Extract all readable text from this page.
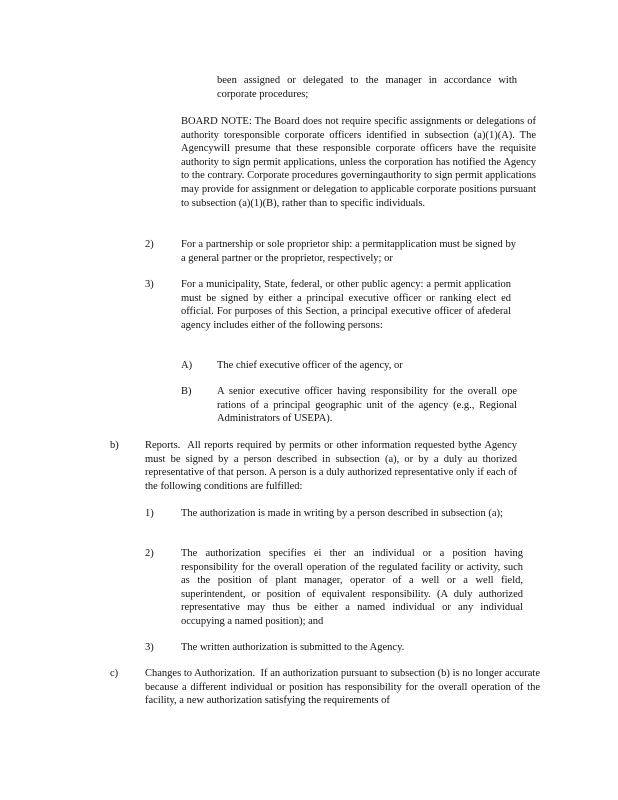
been assigned or delegated to the manager in accordance with corporate procedures;

BOARD NOTE: The Board does not require specific assignments or delegations of authority toresponsible corporate officers identified in subsection (a)(1)(A). The Agencywill presume that these responsible corporate officers have the requisite authority to sign permit applications, unless the corporation has notified the Agency to the contrary. Corporate procedures governingauthority to sign permit applications may provide for assignment or delegation to applicable corporate positions pursuant to subsection (a)(1)(B), rather than to specific individuals.

2)	For a partnership or sole proprietor ship: a permitapplication must be signed by a general partner or the proprietor, respectively; or

3)	For a municipality, State, federal, or other public agency: a permit application must be signed by either a principal executive officer or ranking elect ed official. For purposes of this Section, a principal executive officer of afederal agency includes either of the following persons:

A) The chief executive officer of the agency, or

B) A senior executive officer having responsibility for the overall ope rations of a principal geographic unit of the agency (e.g., Regional Administrators of USEPA).

b)	Reports. All reports required by permits or other information requested bythe Agency must be signed by a person described in subsection (a), or by a duly au thorized representative of that person. A person is a duly authorized representative only if each of the following conditions are fulfilled:

1)	The authorization is made in writing by a person described in subsection (a);

2)	The authorization specifies ei ther an individual or a position having responsibility for the overall operation of the regulated facility or activity, such as the position of plant manager, operator of a well or a well field, superintendent, or position of equivalent responsibility. (A duly authorized representative may thus be either a named individual or any individual occupying a named position); and

3)	The written authorization is submitted to the Agency.

c)	Changes to Authorization. If an authorization pursuant to subsection (b) is no longer accurate because a different individual or position has responsibility for the overall operation of the facility, a new authorization satisfying the requirements of
